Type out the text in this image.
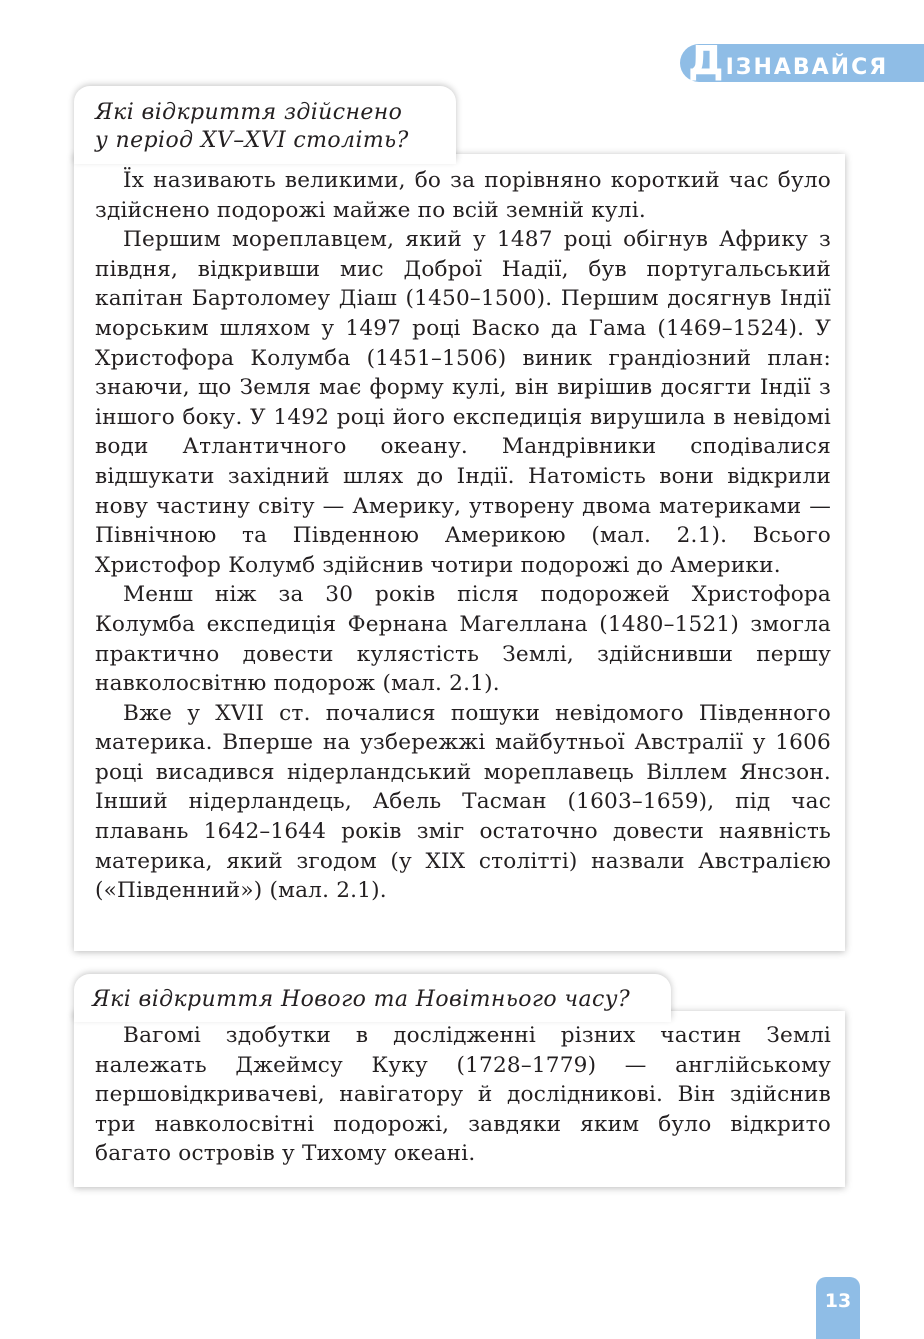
ДІЗНАВАЙСЯ
Які відкриття здійснено
у період XV–XVI століть?

Їх називають великими, бо за порівняно короткий час було здійснено подорожі майже по всій земній кулі.

Першим мореплавцем, який у 1487 році обігнув Африку з півдня, відкривши мис Доброї Надії, був португальський капітан Бартоломеу Діаш (1450–1500). Першим досягнув Індії морським шляхом у 1497 році Васко да Гама (1469–1524). У Христофора Колумба (1451–1506) виник грандіозний план: знаючи, що Земля має форму кулі, він вирішив досягти Індії з іншого боку. У 1492 році його експедиція вирушила в невідомі води Атлантичного океану. Мандрівники сподівалися відшукати західний шлях до Індії. Натомість вони відкрили нову частину світу — Америку, утворену двома материками — Північною та Південною Америкою (мал. 2.1). Всього Христофор Колумб здійснив чотири подорожі до Америки.

Менш ніж за 30 років після подорожей Христофора Колумба експедиція Фернана Магеллана (1480–1521) змогла практично довести кулястість Землі, здійснивши першу навколосвітню подорож (мал. 2.1).

Вже у XVII ст. почалися пошуки невідомого Південного материка. Вперше на узбережжі майбутньої Австралії у 1606 році висадився нідерландський мореплавець Віллем Янсзон. Інший нідерландець, Абель Тасман (1603–1659), під час плавань 1642–1644 років зміг остаточно довести наявність материка, який згодом (у XIX столітті) назвали Австралією («Південний») (мал. 2.1).

Які відкриття Нового та Новітнього часу?

Вагомі здобутки в дослідженні різних частин Землі належать Джеймсу Куку (1728–1779) — англійському першовідкривачеві, навігатору й дослідникові. Він здійснив три навколосвітні подорожі, завдяки яким було відкрито багато островів у Тихому океані.

13
